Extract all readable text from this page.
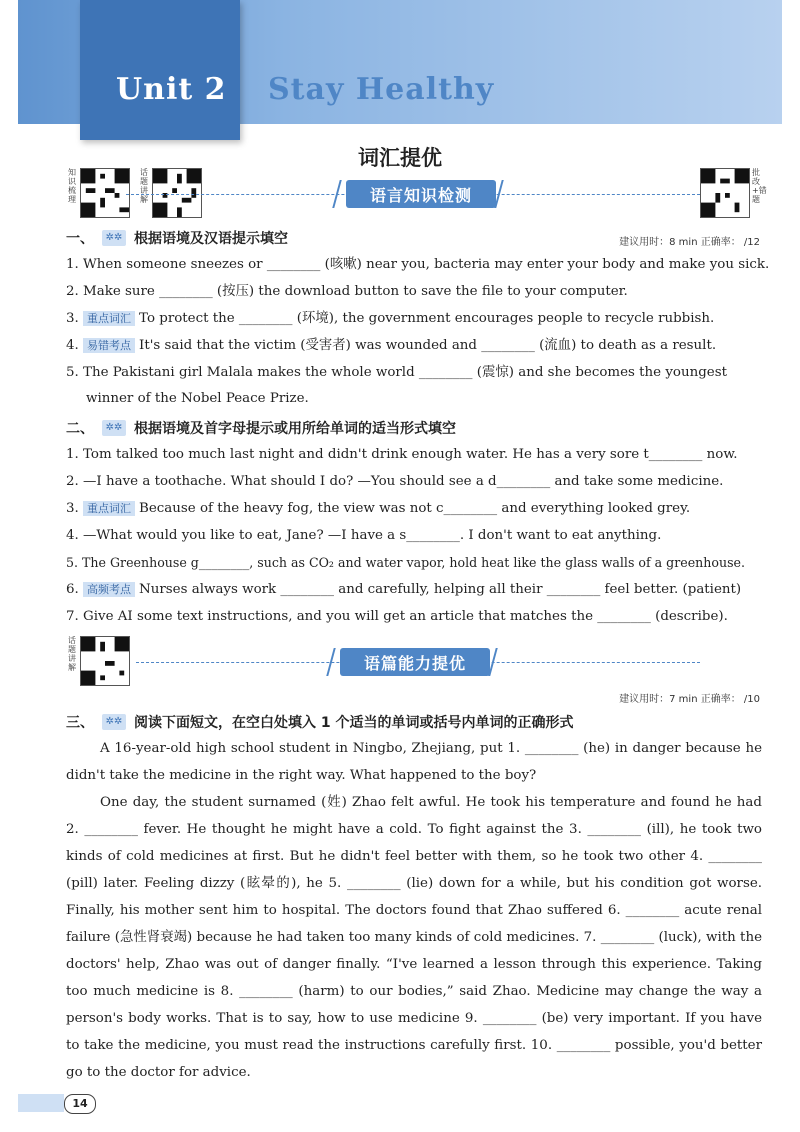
Unit 2 Stay Healthy
词汇提优
知识梳理
话题讲解
批改+错题
语言知识检测
一、	✲✲ 根据语境及汉语提示填空	建议用时：8 min 正确率： /12
1. When someone sneezes or ________ (咳嗽) near you, bacteria may enter your body and make you sick.
2. Make sure ________ (按压) the download button to save the file to your computer.
3. 重点词汇 To protect the ________ (环境), the government encourages people to recycle rubbish.
4. 易错考点 It's said that the victim (受害者) was wounded and ________ (流血) to death as a result.
5. The Pakistani girl Malala makes the whole world ________ (震惊) and she becomes the youngest
winner of the Nobel Peace Prize.
二、	✲✲ 根据语境及首字母提示或用所给单词的适当形式填空
1. Tom talked too much last night and didn't drink enough water. He has a very sore t________ now.
2. —I have a toothache. What should I do? —You should see a d________ and take some medicine.
3. 重点词汇 Because of the heavy fog, the view was not c________ and everything looked grey.
4. —What would you like to eat, Jane? —I have a s________. I don't want to eat anything.
5. The Greenhouse g________, such as CO₂ and water vapor, hold heat like the glass walls of a greenhouse.
6. 高频考点 Nurses always work ________ and carefully, helping all their ________ feel better. (patient)
7. Give AI some text instructions, and you will get an article that matches the ________ (describe).
话题讲解	语篇能力提优
建议用时：7 min 正确率： /10
三、	✲✲ 阅读下面短文，在空白处填入 1 个适当的单词或括号内单词的正确形式
A 16-year-old high school student in Ningbo, Zhejiang, put 1. ________ (he) in danger because he didn't take the medicine in the right way. What happened to the boy?
One day, the student surnamed (姓) Zhao felt awful. He took his temperature and found he had 2. ________ fever. He thought he might have a cold. To fight against the 3. ________ (ill), he took two kinds of cold medicines at first. But he didn't feel better with them, so he took two other 4. ________ (pill) later. Feeling dizzy (眩晕的), he 5. ________ (lie) down for a while, but his condition got worse. Finally, his mother sent him to hospital. The doctors found that Zhao suffered 6. ________ acute renal failure (急性肾衰竭) because he had taken too many kinds of cold medicines. 7. ________ (luck), with the doctors' help, Zhao was out of danger finally. “I've learned a lesson through this experience. Taking too much medicine is 8. ________ (harm) to our bodies,” said Zhao. Medicine may change the way a person's body works. That is to say, how to use medicine 9. ________ (be) very important. If you have to take the medicine, you must read the instructions carefully first. 10. ________ possible, you'd better go to the doctor for advice.
14
